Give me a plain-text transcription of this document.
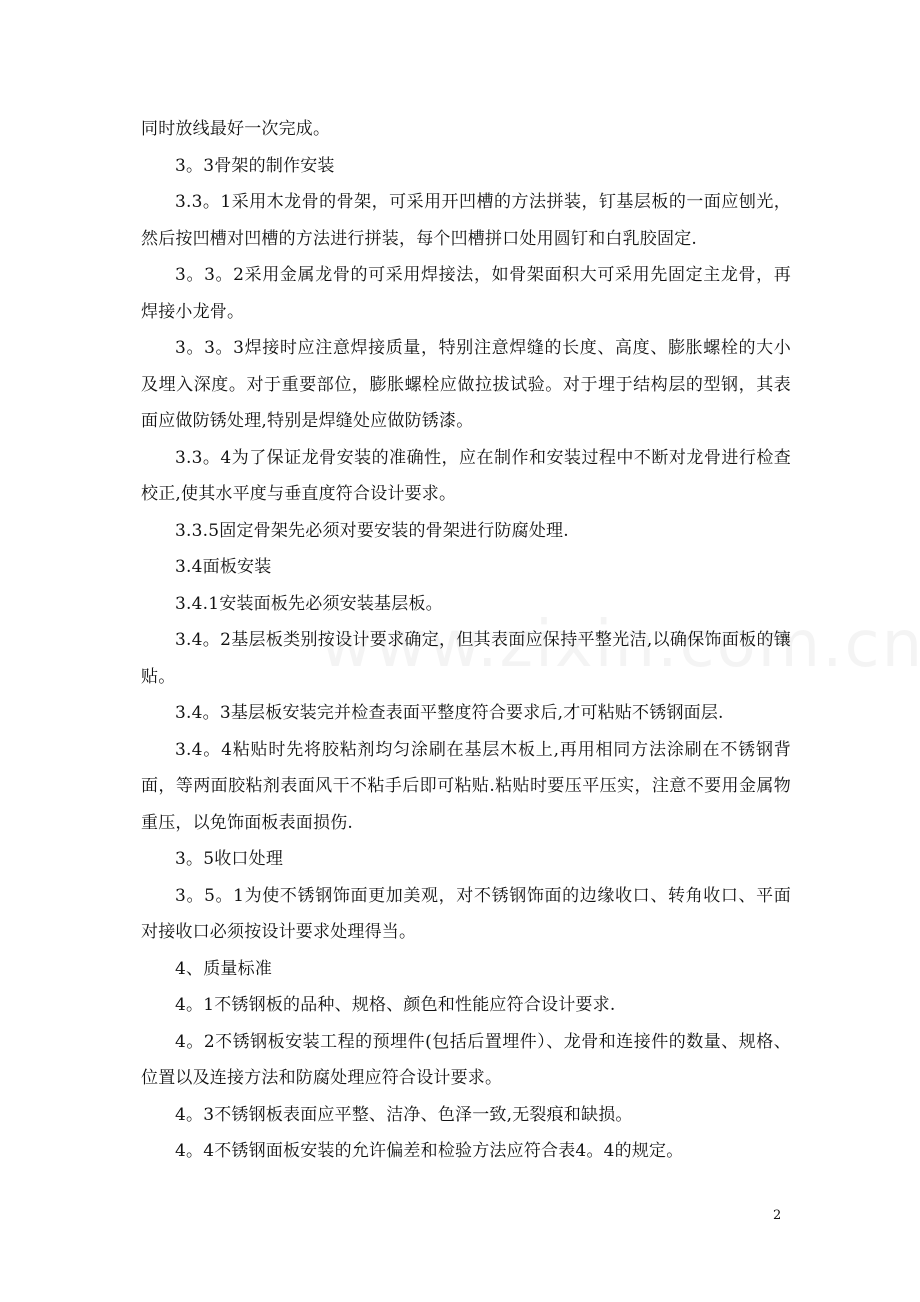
同时放线最好一次完成。

3。3骨架的制作安装

3.3。1采用木龙骨的骨架，可采用开凹槽的方法拼装，钉基层板的一面应刨光，然后按凹槽对凹槽的方法进行拼装，每个凹槽拼口处用圆钉和白乳胶固定.

3。3。2采用金属龙骨的可采用焊接法，如骨架面积大可采用先固定主龙骨，再焊接小龙骨。

3。3。3焊接时应注意焊接质量，特别注意焊缝的长度、高度、膨胀螺栓的大小及埋入深度。对于重要部位，膨胀螺栓应做拉拔试验。对于埋于结构层的型钢，其表面应做防锈处理,特别是焊缝处应做防锈漆。

3.3。4为了保证龙骨安装的准确性，应在制作和安装过程中不断对龙骨进行检查校正,使其水平度与垂直度符合设计要求。

3.3.5固定骨架先必须对要安装的骨架进行防腐处理.

3.4面板安装

3.4.1安装面板先必须安装基层板。

3.4。2基层板类别按设计要求确定，但其表面应保持平整光洁,以确保饰面板的镶贴。

3.4。3基层板安装完并检查表面平整度符合要求后,才可粘贴不锈钢面层.

3.4。4粘贴时先将胶粘剂均匀涂刷在基层木板上,再用相同方法涂刷在不锈钢背面，等两面胶粘剂表面风干不粘手后即可粘贴.粘贴时要压平压实，注意不要用金属物重压，以免饰面板表面损伤.

3。5收口处理

3。5。1为使不锈钢饰面更加美观，对不锈钢饰面的边缘收口、转角收口、平面对接收口必须按设计要求处理得当。

4、质量标准

4。1不锈钢板的品种、规格、颜色和性能应符合设计要求.

4。2不锈钢板安装工程的预埋件(包括后置埋件）、龙骨和连接件的数量、规格、位置以及连接方法和防腐处理应符合设计要求。

4。3不锈钢板表面应平整、洁净、色泽一致,无裂痕和缺损。

4。4不锈钢面板安装的允许偏差和检验方法应符合表4。4的规定。

2
